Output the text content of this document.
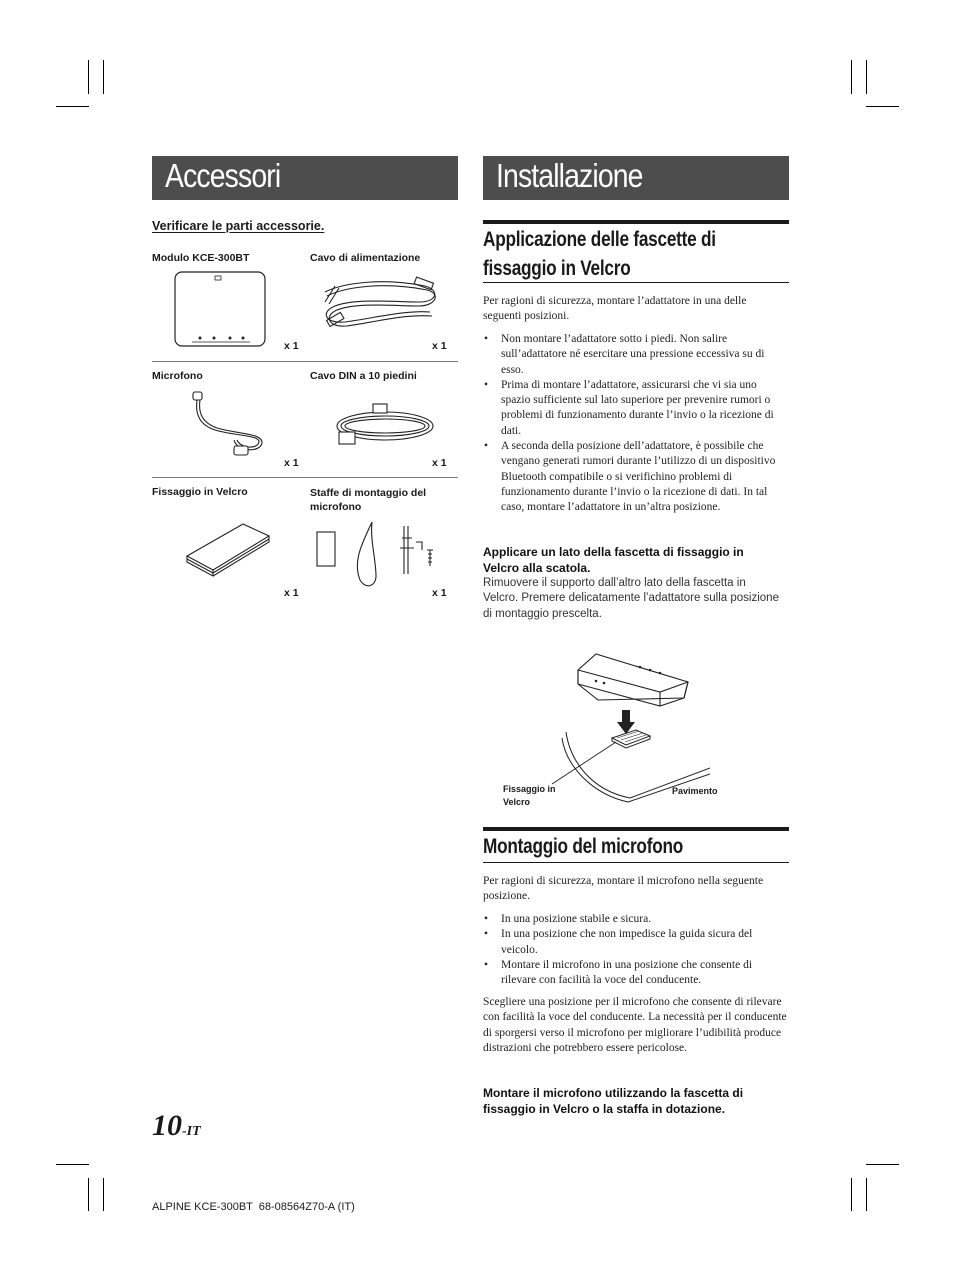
Accessori	Installazione
Verificare le parti accessorie.
Modulo KCE-300BT	Cavo di alimentazione
x 1	x 1
Microfono	Cavo DIN a 10 piedini
x 1	x 1
Fissaggio in Velcro	Staffe di montaggio del microfono
x 1	x 1
Applicazione delle fascette di
fissaggio in Velcro
Per ragioni di sicurezza, montare l’adattatore in una delle seguenti posizioni.
• Non montare l’adattatore sotto i piedi. Non salire sull’adattatore né esercitare una pressione eccessiva su di esso.
• Prima di montare l’adattatore, assicurarsi che vi sia uno spazio sufficiente sul lato superiore per prevenire rumori o problemi di funzionamento durante l’invio o la ricezione di dati.
• A seconda della posizione dell’adattatore, è possibile che vengano generati rumori durante l’utilizzo di un dispositivo Bluetooth compatibile o si verifichino problemi di funzionamento durante l’invio o la ricezione di dati. In tal caso, montare l’adattatore in un’altra posizione.
Applicare un lato della fascetta di fissaggio in Velcro alla scatola.
Rimuovere il supporto dall’altro lato della fascetta in Velcro. Premere delicatamente l’adattatore sulla posizione di montaggio prescelta.
Fissaggio in
Velcro
Pavimento
Montaggio del microfono
Per ragioni di sicurezza, montare il microfono nella seguente posizione.
• In una posizione stabile e sicura.
• In una posizione che non impedisce la guida sicura del veicolo.
• Montare il microfono in una posizione che consente di rilevare con facilità la voce del conducente.
Scegliere una posizione per il microfono che consente di rilevare con facilità la voce del conducente. La necessità per il conducente di sporgersi verso il microfono per migliorare l’udibilità produce distrazioni che potrebbero essere pericolose.
Montare il microfono utilizzando la fascetta di fissaggio in Velcro o la staffa in dotazione.
10-IT
ALPINE KCE-300BT  68-08564Z70-A (IT)
